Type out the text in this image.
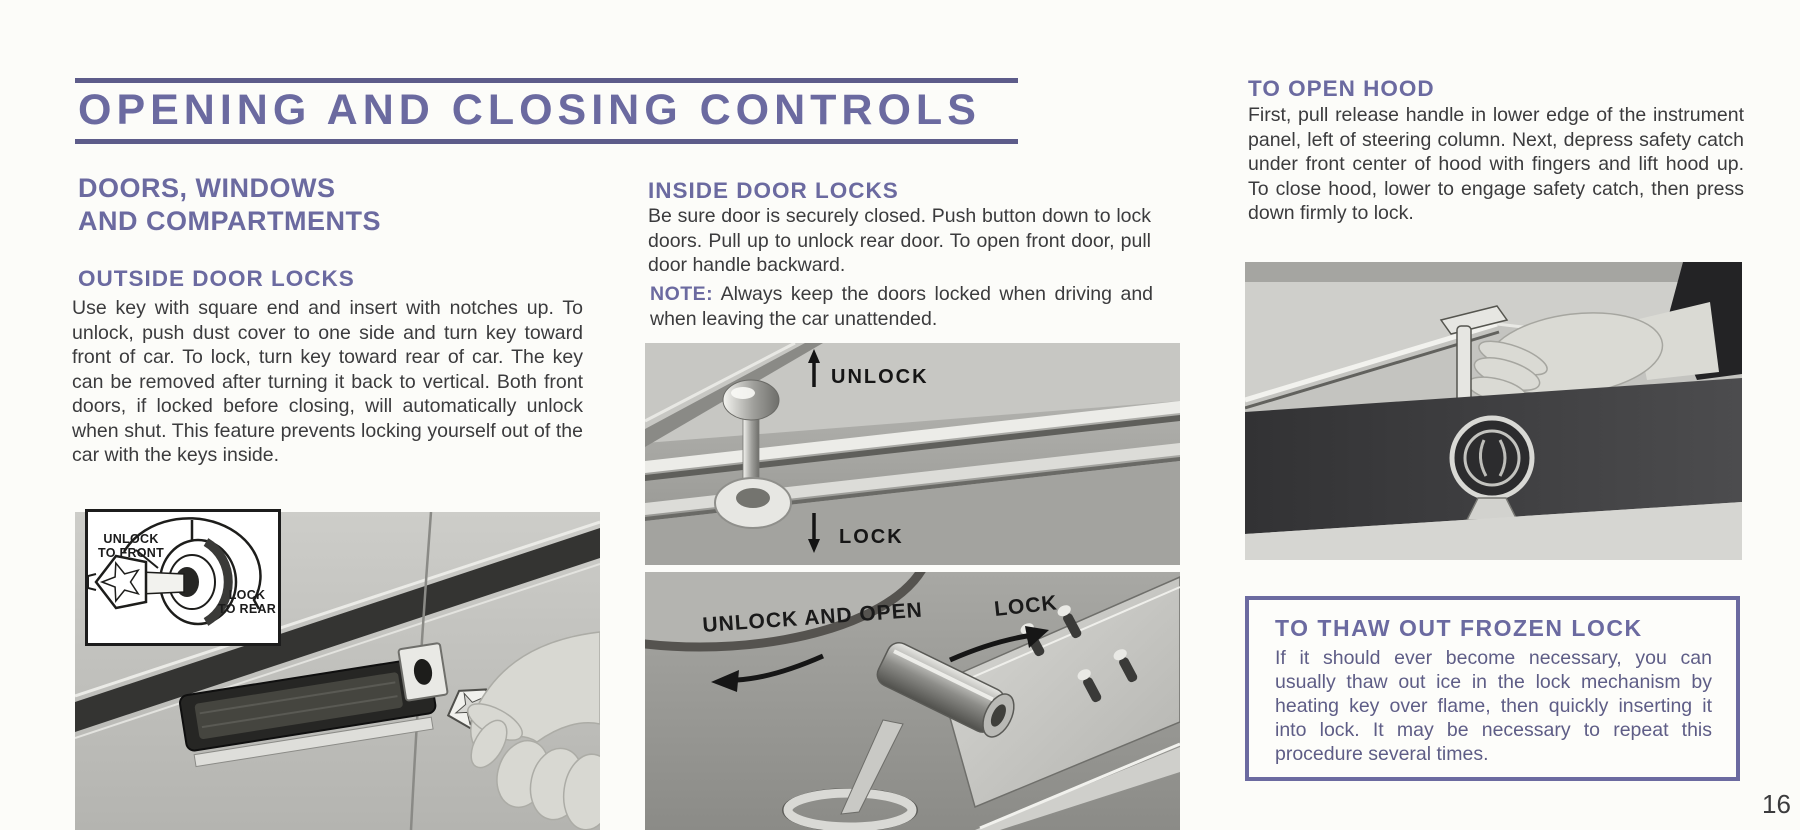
OPENING AND CLOSING CONTROLS
DOORS, WINDOWS
AND COMPARTMENTS
OUTSIDE DOOR LOCKS

Use key with square end and insert with notches up. To unlock, push dust cover to one side and turn key toward front of car. To lock, turn key toward rear of car. The key can be removed after turning it back to vertical. Both front doors, if locked before closing, will automatically unlock when shut. This feature prevents locking yourself out of the car with the keys inside.

UNLOCK
TO FRONT
LOCK
TO REAR
INSIDE DOOR LOCKS

Be sure door is securely closed. Push button down to lock doors. Pull up to unlock rear door. To open front door, pull door handle backward.

NOTE: Always keep the doors locked when driving and when leaving the car unattended.

UNLOCK
LOCK
UNLOCK AND OPEN	LOCK
TO OPEN HOOD

First, pull release handle in lower edge of the instrument panel, left of steering column. Next, depress safety catch under front center of hood with fingers and lift hood up. To close hood, lower to engage safety catch, then press down firmly to lock.

TO THAW OUT FROZEN LOCK

If it should ever become necessary, you can usually thaw out ice in the lock mechanism by heating key over flame, then quickly inserting it into lock. It may be necessary to repeat this procedure several times.

16
